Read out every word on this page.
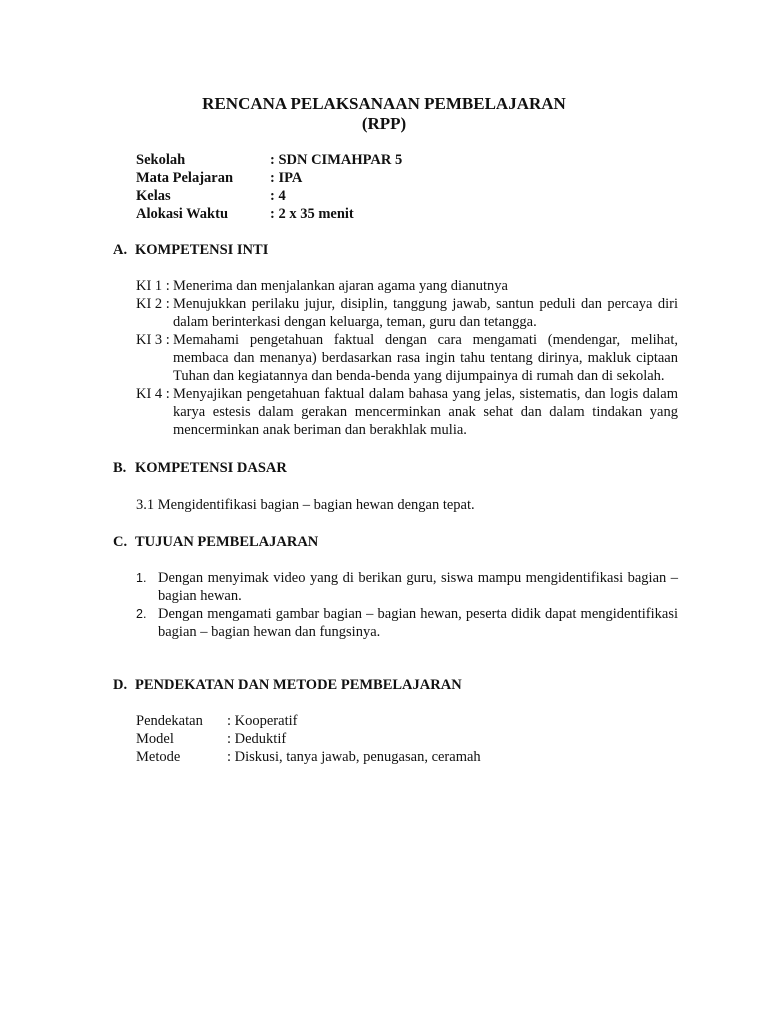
RENCANA PELAKSANAAN PEMBELAJARAN
(RPP)
Sekolah	: SDN CIMAHPAR 5
Mata Pelajaran	: IPA
Kelas	: 4
Alokasi Waktu	: 2 x 35 menit
A. KOMPETENSI INTI
KI 1 : Menerima dan menjalankan ajaran agama yang dianutnya
KI 2 : Menujukkan perilaku jujur, disiplin, tanggung jawab, santun peduli dan percaya diri dalam berinterkasi dengan keluarga, teman, guru dan tetangga.
KI 3 : Memahami pengetahuan faktual dengan cara mengamati (mendengar, melihat, membaca dan menanya) berdasarkan rasa ingin tahu tentang dirinya, makluk ciptaan Tuhan dan kegiatannya dan benda-benda yang dijumpainya di rumah dan di sekolah.
KI 4 : Menyajikan pengetahuan faktual dalam bahasa yang jelas, sistematis, dan logis dalam karya estesis dalam gerakan mencerminkan anak sehat dan dalam tindakan yang mencerminkan anak beriman dan berakhlak mulia.
B. KOMPETENSI DASAR
3.1 Mengidentifikasi bagian – bagian hewan dengan tepat.
C. TUJUAN PEMBELAJARAN
1. Dengan menyimak video yang di berikan guru, siswa mampu mengidentifikasi bagian – bagian hewan.
2. Dengan mengamati gambar bagian – bagian hewan, peserta didik dapat mengidentifikasi bagian – bagian hewan dan fungsinya.
D. PENDEKATAN DAN METODE PEMBELAJARAN
Pendekatan : Kooperatif
Model	: Deduktif
Metode	: Diskusi, tanya jawab, penugasan, ceramah
